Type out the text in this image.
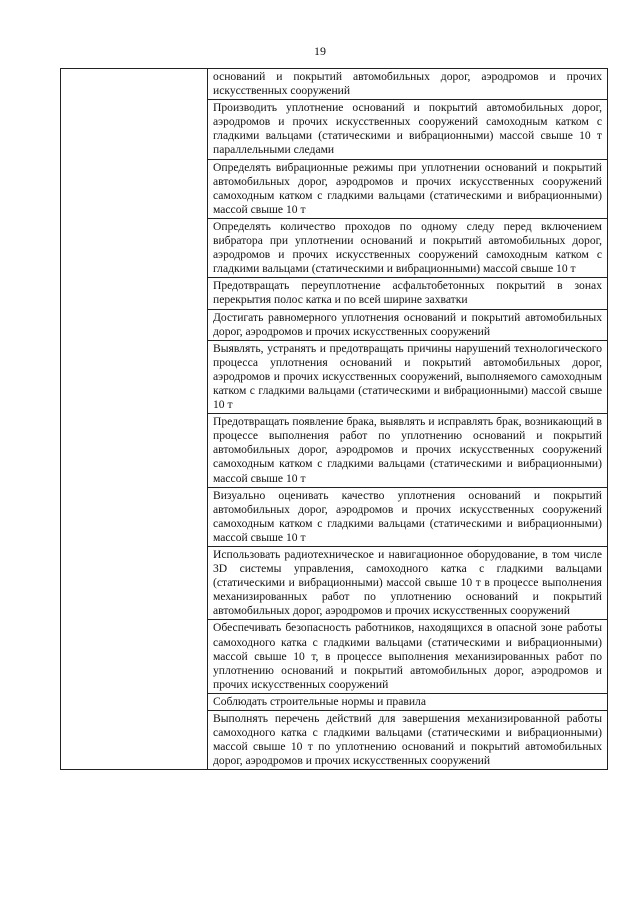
19
	оснований и покрытий автомобильных дорог, аэродромов и прочих искусственных сооружений
Производить уплотнение оснований и покрытий автомобильных дорог, аэродромов и прочих искусственных сооружений самоходным катком с гладкими вальцами (статическими и вибрационными) массой свыше 10 т параллельными следами
Определять вибрационные режимы при уплотнении оснований и покрытий автомобильных дорог, аэродромов и прочих искусственных сооружений самоходным катком с гладкими вальцами (статическими и вибрационными) массой свыше 10 т
Определять количество проходов по одному следу перед включением вибратора при уплотнении оснований и покрытий автомобильных дорог, аэродромов и прочих искусственных сооружений самоходным катком с гладкими вальцами (статическими и вибрационными) массой свыше 10 т
Предотвращать переуплотнение асфальтобетонных покрытий в зонах перекрытия полос катка и по всей ширине захватки
Достигать равномерного уплотнения оснований и покрытий автомобильных дорог, аэродромов и прочих искусственных сооружений
Выявлять, устранять и предотвращать причины нарушений технологического процесса уплотнения оснований и покрытий автомобильных дорог, аэродромов и прочих искусственных сооружений, выполняемого самоходным катком с гладкими вальцами (статическими и вибрационными) массой свыше 10 т
Предотвращать появление брака, выявлять и исправлять брак, возникающий в процессе выполнения работ по уплотнению оснований и покрытий автомобильных дорог, аэродромов и прочих искусственных сооружений самоходным катком с гладкими вальцами (статическими и вибрационными) массой свыше 10 т
Визуально оценивать качество уплотнения оснований и покрытий автомобильных дорог, аэродромов и прочих искусственных сооружений самоходным катком с гладкими вальцами (статическими и вибрационными) массой свыше 10 т
Использовать радиотехническое и навигационное оборудование, в том числе 3D системы управления, самоходного катка с гладкими вальцами (статическими и вибрационными) массой свыше 10 т в процессе выполнения механизированных работ по уплотнению оснований и покрытий автомобильных дорог, аэродромов и прочих искусственных сооружений
Обеспечивать безопасность работников, находящихся в опасной зоне работы самоходного катка с гладкими вальцами (статическими и вибрационными) массой свыше 10 т, в процессе выполнения механизированных работ по уплотнению оснований и покрытий автомобильных дорог, аэродромов и прочих искусственных сооружений
Соблюдать строительные нормы и правила
Выполнять перечень действий для завершения механизированной работы самоходного катка с гладкими вальцами (статическими и вибрационными) массой свыше 10 т по уплотнению оснований и покрытий автомобильных дорог, аэродромов и прочих искусственных сооружений
